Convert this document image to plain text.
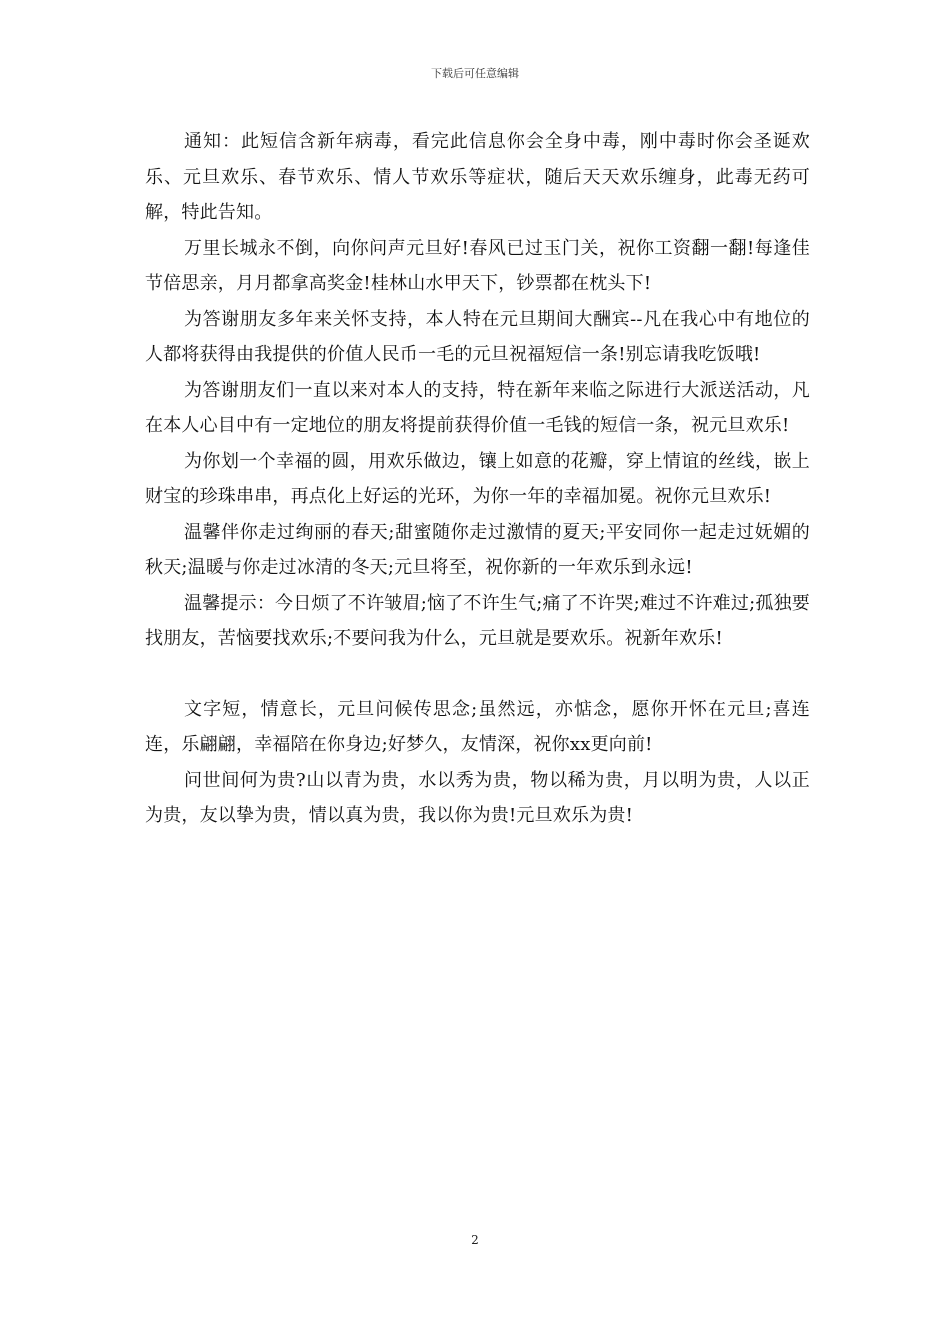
下载后可任意编辑

通知：此短信含新年病毒，看完此信息你会全身中毒，刚中毒时你会圣诞欢乐、元旦欢乐、春节欢乐、情人节欢乐等症状，随后天天欢乐缠身，此毒无药可解，特此告知。

万里长城永不倒，向你问声元旦好!春风已过玉门关，祝你工资翻一翻!每逢佳节倍思亲，月月都拿高奖金!桂林山水甲天下，钞票都在枕头下!

为答谢朋友多年来关怀支持，本人特在元旦期间大酬宾--凡在我心中有地位的人都将获得由我提供的价值人民币一毛的元旦祝福短信一条!别忘请我吃饭哦!

为答谢朋友们一直以来对本人的支持，特在新年来临之际进行大派送活动，凡在本人心目中有一定地位的朋友将提前获得价值一毛钱的短信一条，祝元旦欢乐!

为你划一个幸福的圆，用欢乐做边，镶上如意的花瓣，穿上情谊的丝线，嵌上财宝的珍珠串串，再点化上好运的光环，为你一年的幸福加冕。祝你元旦欢乐!

温馨伴你走过绚丽的春天;甜蜜随你走过激情的夏天;平安同你一起走过妩媚的秋天;温暖与你走过冰清的冬天;元旦将至，祝你新的一年欢乐到永远!

温馨提示：今日烦了不许皱眉;恼了不许生气;痛了不许哭;难过不许难过;孤独要找朋友，苦恼要找欢乐;不要问我为什么，元旦就是要欢乐。祝新年欢乐!

文字短，情意长，元旦问候传思念;虽然远，亦惦念，愿你开怀在元旦;喜连连，乐翩翩，幸福陪在你身边;好梦久，友情深，祝你xx更向前!

问世间何为贵?山以青为贵，水以秀为贵，物以稀为贵，月以明为贵，人以正为贵，友以挚为贵，情以真为贵，我以你为贵!元旦欢乐为贵!

2
